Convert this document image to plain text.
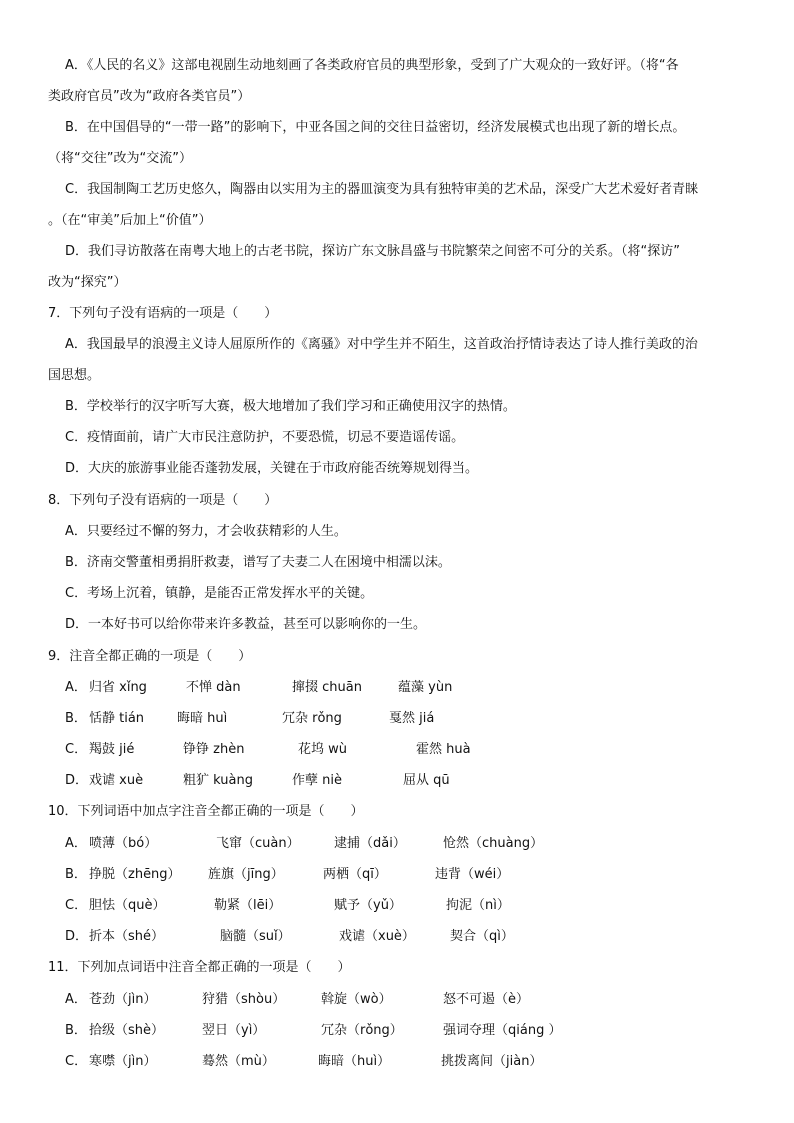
A．《人民的名义》这部电视剧生动地刻画了各类政府官员的典型形象，受到了广大观众的一致好评。（将“各
类政府官员”改为“政府各类官员”）
B．在中国倡导的“一带一路”的影响下，中亚各国之间的交往日益密切，经济发展模式也出现了新的增长点。
（将“交往”改为“交流”）
C．我国制陶工艺历史悠久，陶器由以实用为主的器皿演变为具有独特审美的艺术品，深受广大艺术爱好者青睐
。（在“审美”后加上“价值”）
D．我们寻访散落在南粤大地上的古老书院，探访广东文脉昌盛与书院繁荣之间密不可分的关系。（将“探访”
改为“探究”）
7．下列句子没有语病的一项是（　　）
A．我国最早的浪漫主义诗人屈原所作的《离骚》对中学生并不陌生，这首政治抒情诗表达了诗人推行美政的治
国思想。
B．学校举行的汉字听写大赛，极大地增加了我们学习和正确使用汉字的热情。
C．疫情面前，请广大市民注意防护，不要恐慌，切忌不要造谣传谣。
D．大庆的旅游事业能否蓬勃发展，关键在于市政府能否统筹规划得当。
8．下列句子没有语病的一项是（　　）
A．只要经过不懈的努力，才会收获精彩的人生。
B．济南交警董相勇捐肝救妻，谱写了夫妻二人在困境中相濡以沫。
C．考场上沉着，镇静，是能否正常发挥水平的关键。
D．一本好书可以给你带来许多教益，甚至可以影响你的一生。
9．注音全都正确的一项是（　　）
A． 归省 xǐng	不惮 dàn	撺掇 chuān	蕴藻 yùn
B． 恬静 tián	晦暗 huì	冗杂 rǒng	戛然 jiá
C． 羯鼓 jié	铮铮 zhèn	花坞 wù	霍然 huà
D． 戏谑 xuè	粗犷 kuàng	作孽 niè	屈从 qū
10．下列词语中加点字注音全都正确的一项是（　　）
A． 喷薄（bó）	飞窜（cuàn）	逮捕（dǎi）	怆然（chuàng）
B． 挣脱（zhēng） 旌旗（jīng）	两栖（qī）	违背（wéi）
C． 胆怯（què）	勒紧（lēi）	赋予（yǔ）	拘泥（nì）
D． 折本（shé）	脑髓（suǐ）	戏谑（xuè）	契合（qì）
11．下列加点词语中注音全都正确的一项是（　　）
A． 苍劲（jìn）	狩猎（shòu）	斡旋（wò）	怒不可遏（è）
B． 拾级（shè）	翌日（yì）	冗杂（rǒng）	强词夺理（qiáng ）
C． 寒噤（jìn）	蓦然（mù）	晦暗（huì）	挑拨离间（jiàn）
